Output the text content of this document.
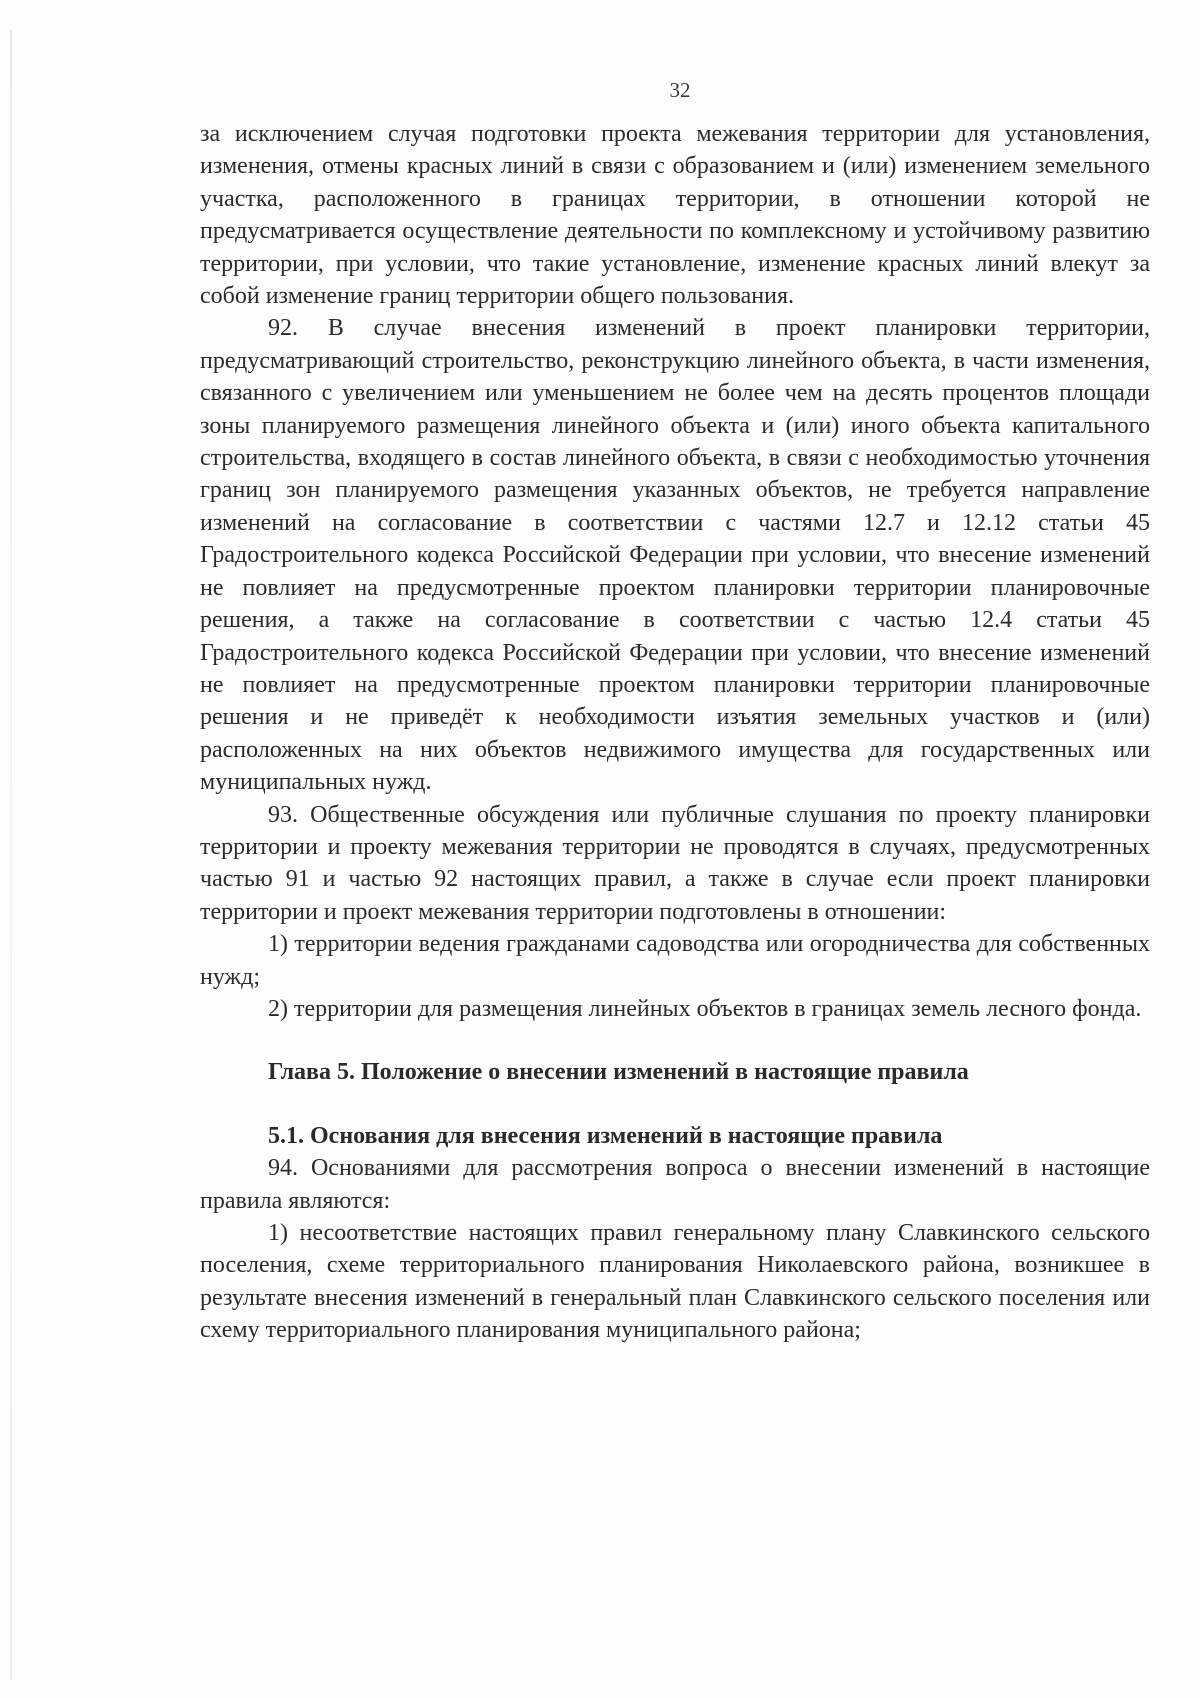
32

за исключением случая подготовки проекта межевания территории для установления, изменения, отмены красных линий в связи с образованием и (или) изменением земельного участка, расположенного в границах территории, в отношении которой не предусматривается осуществление деятельности по комплексному и устойчивому развитию территории, при условии, что такие установление, изменение красных линий влекут за собой изменение границ территории общего пользования.

92. В случае внесения изменений в проект планировки территории, предусматривающий строительство, реконструкцию линейного объекта, в части изменения, связанного с увеличением или уменьшением не более чем на десять процентов площади зоны планируемого размещения линейного объекта и (или) иного объекта капитального строительства, входящего в состав линейного объекта, в связи с необходимостью уточнения границ зон планируемого размещения указанных объектов, не требуется направление изменений на согласование в соответствии с частями 12.7 и 12.12 статьи 45 Градостроительного кодекса Российской Федерации при условии, что внесение изменений не повлияет на предусмотренные проектом планировки территории планировочные решения, а также на согласование в соответствии с частью 12.4 статьи 45 Градостроительного кодекса Российской Федерации при условии, что внесение изменений не повлияет на предусмотренные проектом планировки территории планировочные решения и не приведёт к необходимости изъятия земельных участков и (или) расположенных на них объектов недвижимого имущества для государственных или муниципальных нужд.

93. Общественные обсуждения или публичные слушания по проекту планировки территории и проекту межевания территории не проводятся в случаях, предусмотренных частью 91 и частью 92 настоящих правил, а также в случае если проект планировки территории и проект межевания территории подготовлены в отношении:

1) территории ведения гражданами садоводства или огородничества для собственных нужд;

2) территории для размещения линейных объектов в границах земель лесного фонда.

Глава 5. Положение о внесении изменений в настоящие правила
5.1. Основания для внесения изменений в настоящие правила

94. Основаниями для рассмотрения вопроса о внесении изменений в настоящие правила являются:

1) несоответствие настоящих правил генеральному плану Славкинского сельского поселения, схеме территориального планирования Николаевского района, возникшее в результате внесения изменений в генеральный план Славкинского сельского поселения или схему территориального планирования муниципального района;
